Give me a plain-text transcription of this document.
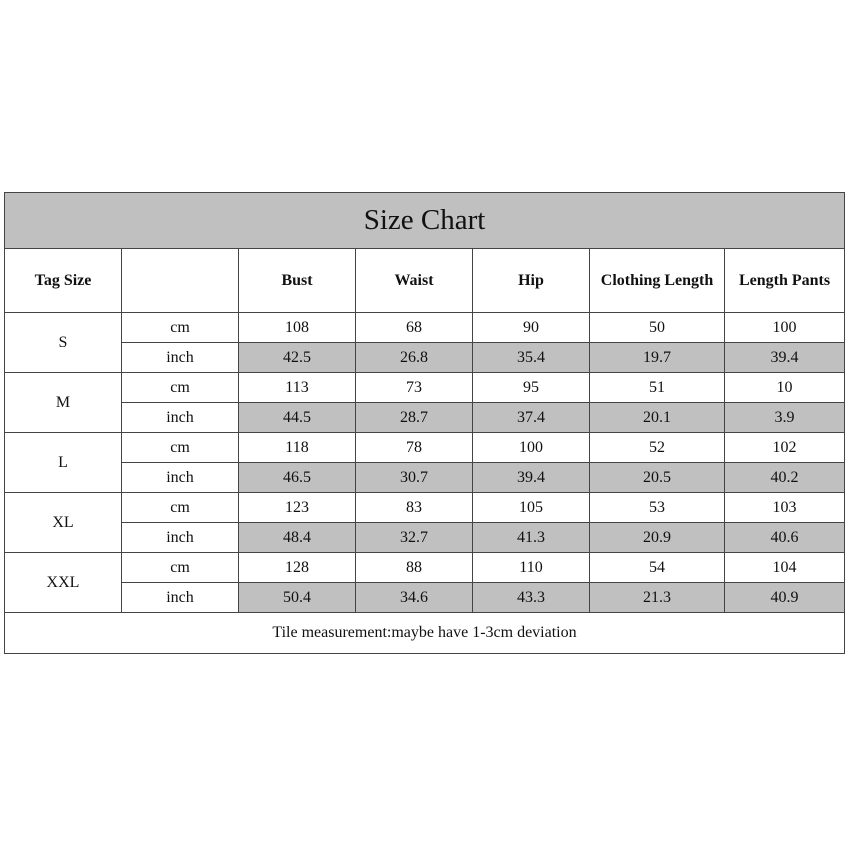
Size Chart						
Tag Size		Bust	Waist	Hip	Clothing Length	Length Pants
S	cm	108	68	90	50	100
	inch	42.5	26.8	35.4	19.7	39.4
M	cm	113	73	95	51	10
	inch	44.5	28.7	37.4	20.1	3.9
L	cm	118	78	100	52	102
	inch	46.5	30.7	39.4	20.5	40.2
XL	cm	123	83	105	53	103
	inch	48.4	32.7	41.3	20.9	40.6
XXL	cm	128	88	110	54	104
	inch	50.4	34.6	43.3	21.3	40.9
Tile measurement:maybe have 1-3cm deviation						
